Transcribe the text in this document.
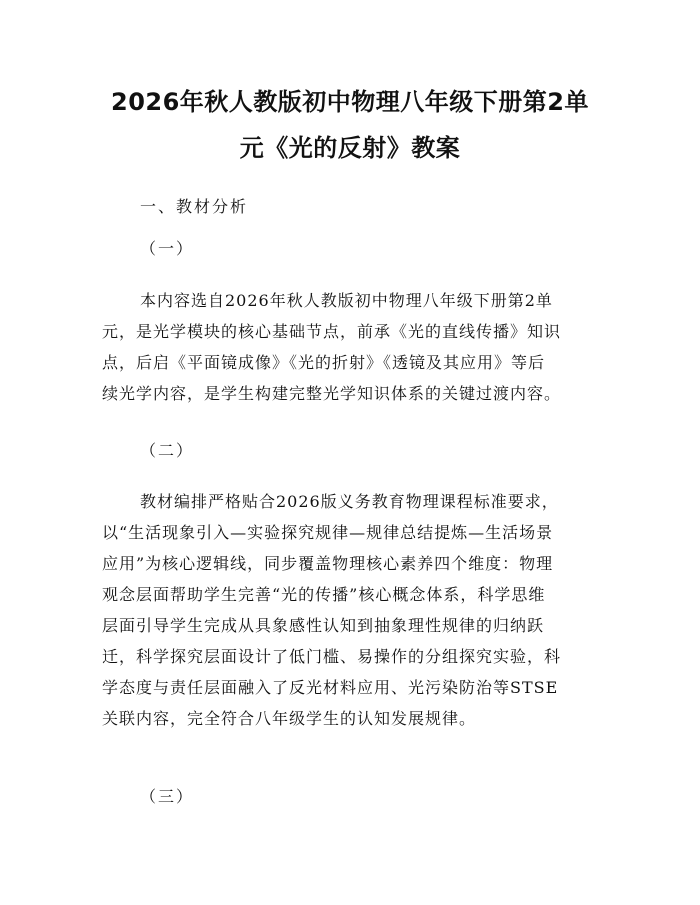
2026年秋人教版初中物理八年级下册第2单
元《光的反射》教案
一、教材分析
（一）
本内容选自2026年秋人教版初中物理八年级下册第2单
元，是光学模块的核心基础节点，前承《光的直线传播》知识
点，后启《平面镜成像》《光的折射》《透镜及其应用》等后
续光学内容，是学生构建完整光学知识体系的关键过渡内容。
（二）
教材编排严格贴合2026版义务教育物理课程标准要求，
以“生活现象引入—实验探究规律—规律总结提炼—生活场景
应用”为核心逻辑线，同步覆盖物理核心素养四个维度：物理
观念层面帮助学生完善“光的传播”核心概念体系，科学思维
层面引导学生完成从具象感性认知到抽象理性规律的归纳跃
迁，科学探究层面设计了低门槛、易操作的分组探究实验，科
学态度与责任层面融入了反光材料应用、光污染防治等STSE
关联内容，完全符合八年级学生的认知发展规律。
（三）
